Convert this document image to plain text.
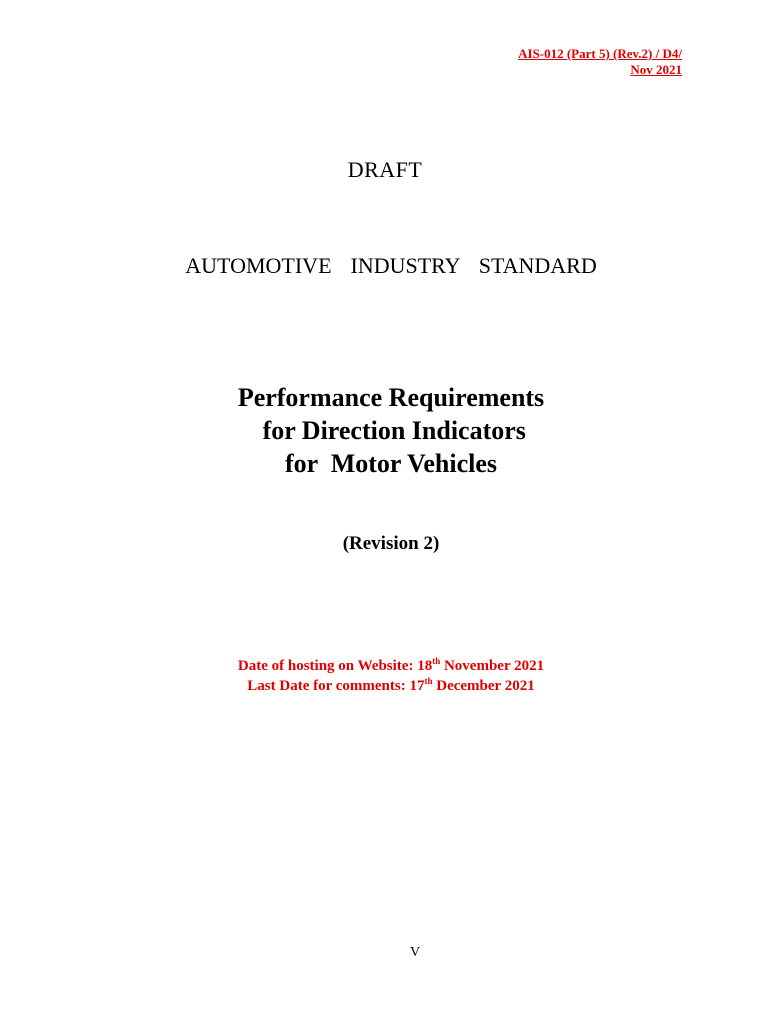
AIS-012 (Part 5) (Rev.2) / D4/
Nov 2021
DRAFT
AUTOMOTIVE  INDUSTRY  STANDARD
Performance Requirements
for Direction Indicators
for  Motor Vehicles
(Revision 2)
Date of hosting on Website: 18th November 2021
Last Date for comments: 17th December 2021
V
